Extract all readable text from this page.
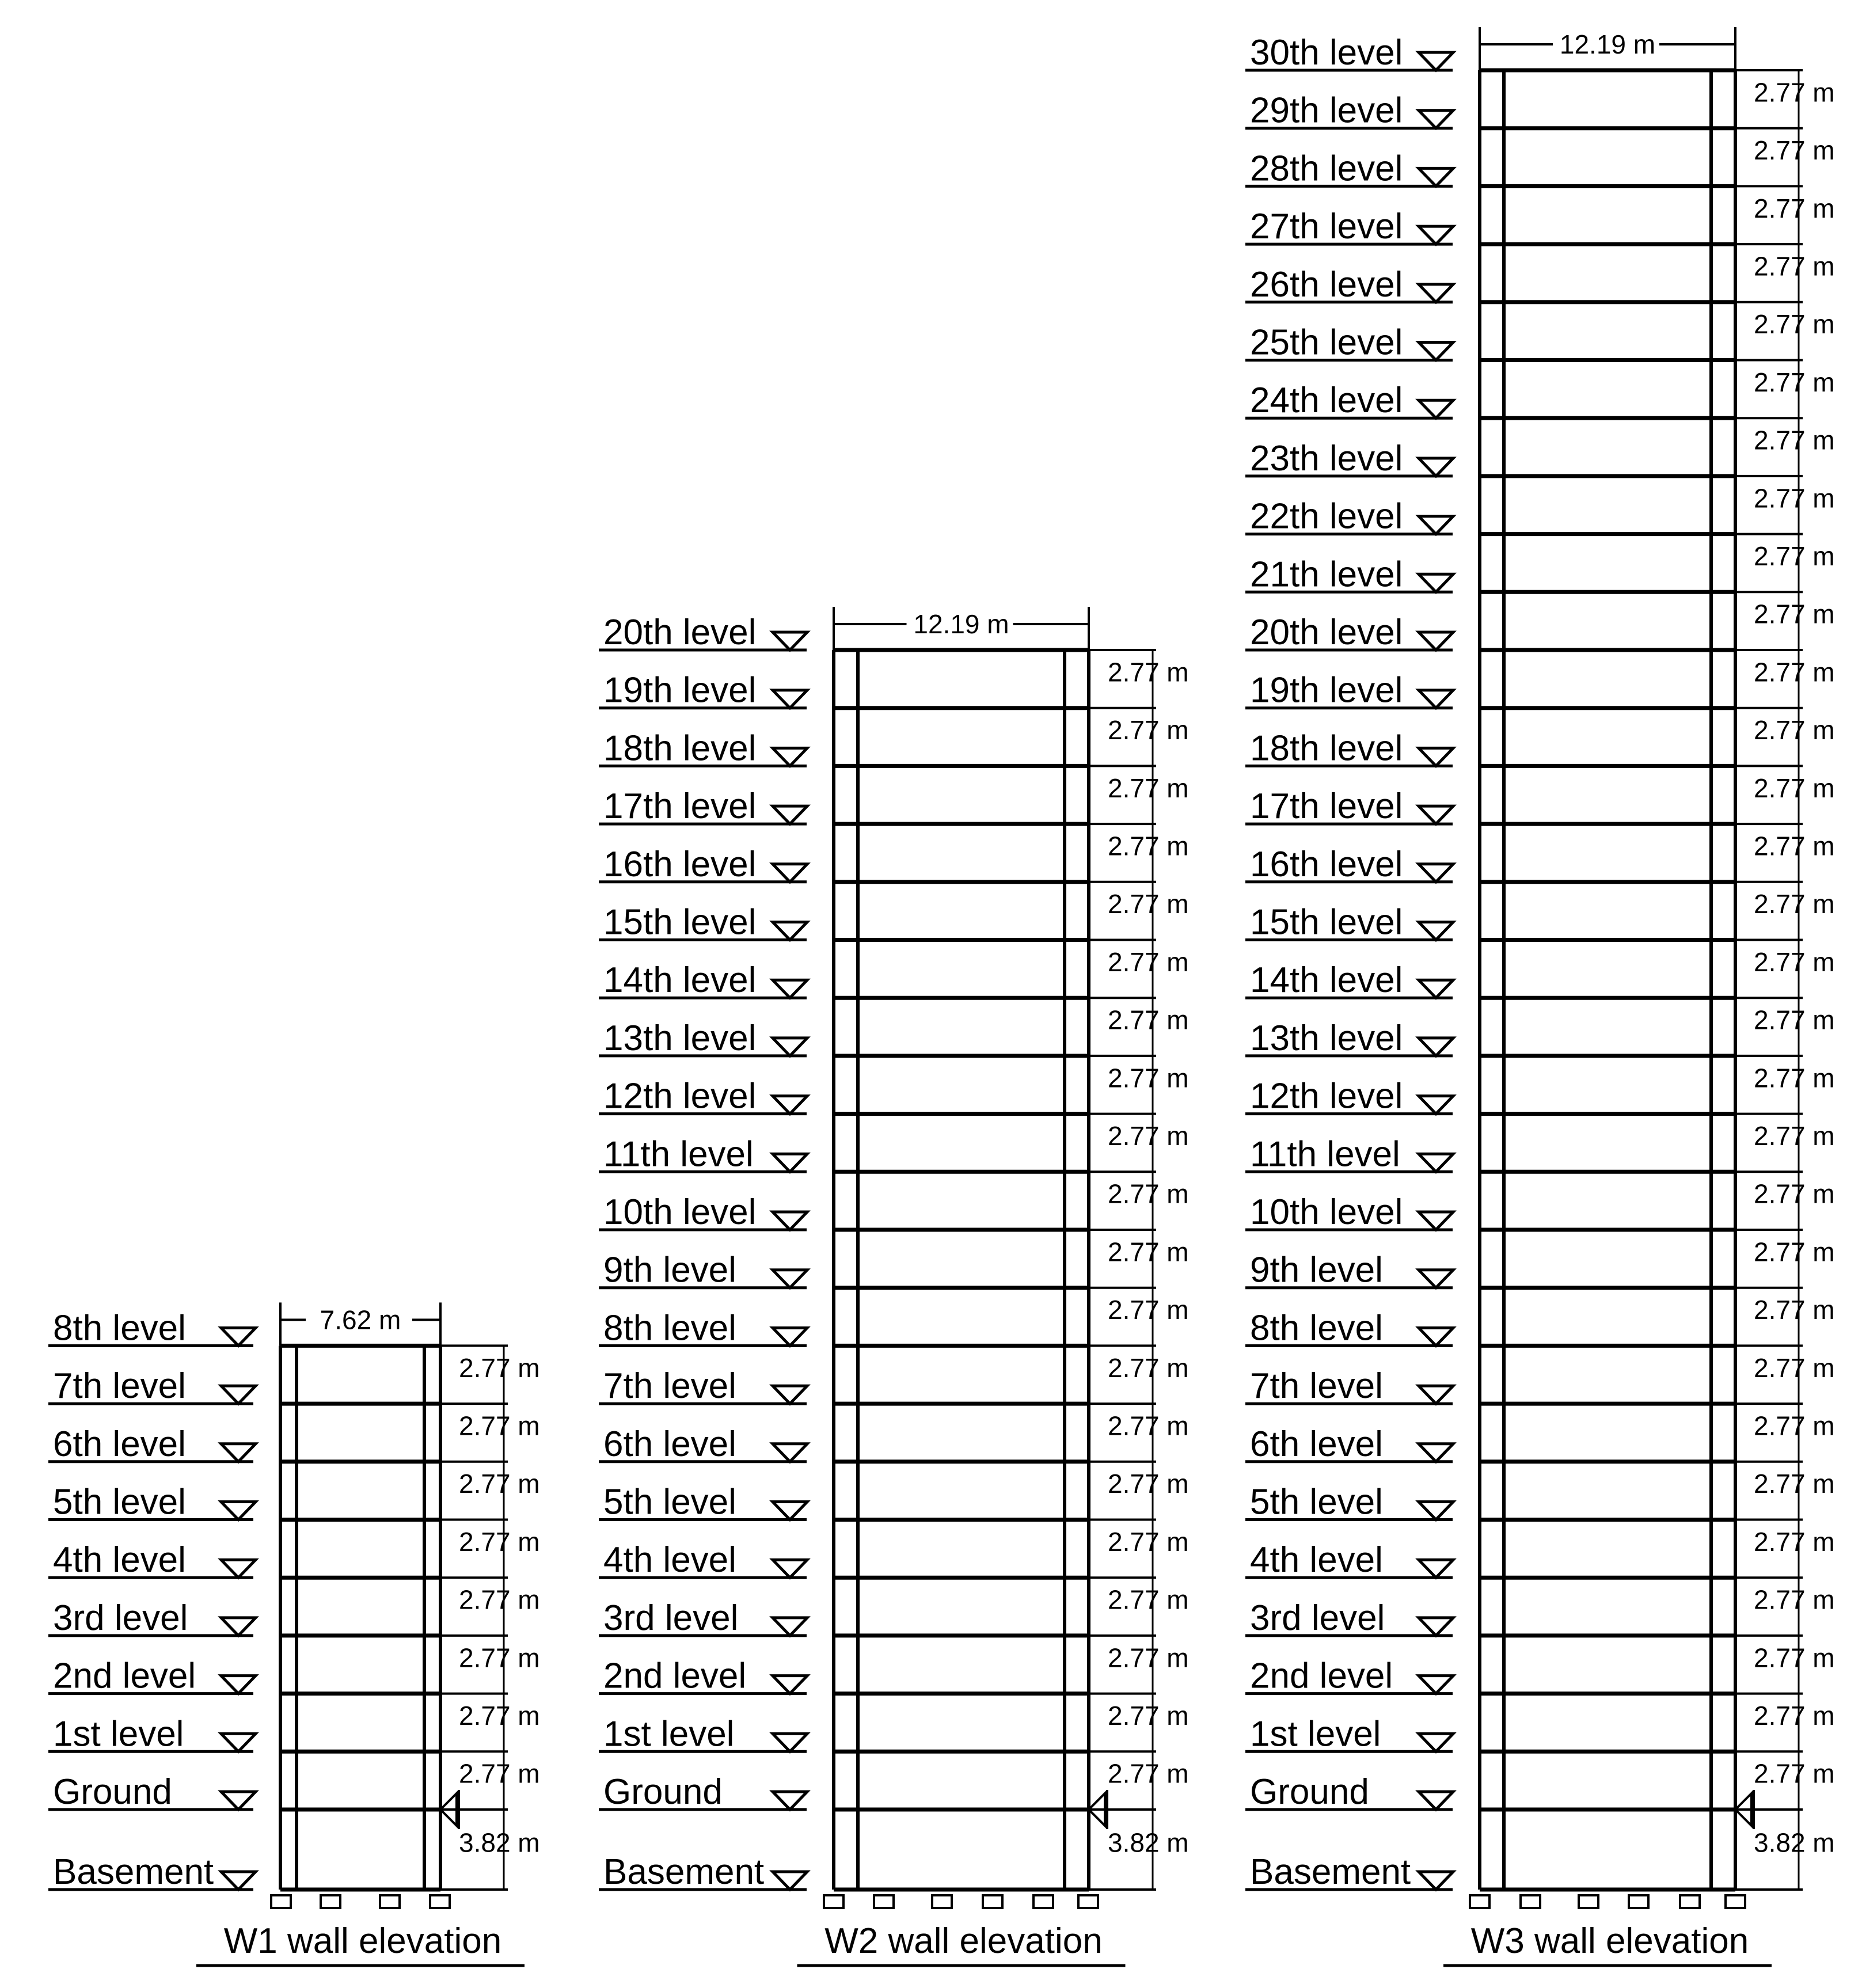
8th level
7th level
6th level
5th level
4th level
3rd level
2nd level
1st level
Ground
Basement
7.62 m
2.77 m
2.77 m
2.77 m
2.77 m
2.77 m
2.77 m
2.77 m
2.77 m
3.82 m
W1 wall elevation
20th level
19th level
18th level
17th level
16th level
15th level
14th level
13th level
12th level
11th level
10th level
9th level
8th level
7th level
6th level
5th level
4th level
3rd level
2nd level
1st level
Ground
Basement
12.19 m
2.77 m
2.77 m
2.77 m
2.77 m
2.77 m
2.77 m
2.77 m
2.77 m
2.77 m
2.77 m
2.77 m
2.77 m
2.77 m
2.77 m
2.77 m
2.77 m
2.77 m
2.77 m
2.77 m
2.77 m
3.82 m
W2 wall elevation
30th level
29th level
28th level
27th level
26th level
25th level
24th level
23th level
22th level
21th level
20th level
19th level
18th level
17th level
16th level
15th level
14th level
13th level
12th level
11th level
10th level
9th level
8th level
7th level
6th level
5th level
4th level
3rd level
2nd level
1st level
Ground
Basement
12.19 m
2.77 m
2.77 m
2.77 m
2.77 m
2.77 m
2.77 m
2.77 m
2.77 m
2.77 m
2.77 m
2.77 m
2.77 m
2.77 m
2.77 m
2.77 m
2.77 m
2.77 m
2.77 m
2.77 m
2.77 m
2.77 m
2.77 m
2.77 m
2.77 m
2.77 m
2.77 m
2.77 m
2.77 m
2.77 m
2.77 m
3.82 m
W3 wall elevation
